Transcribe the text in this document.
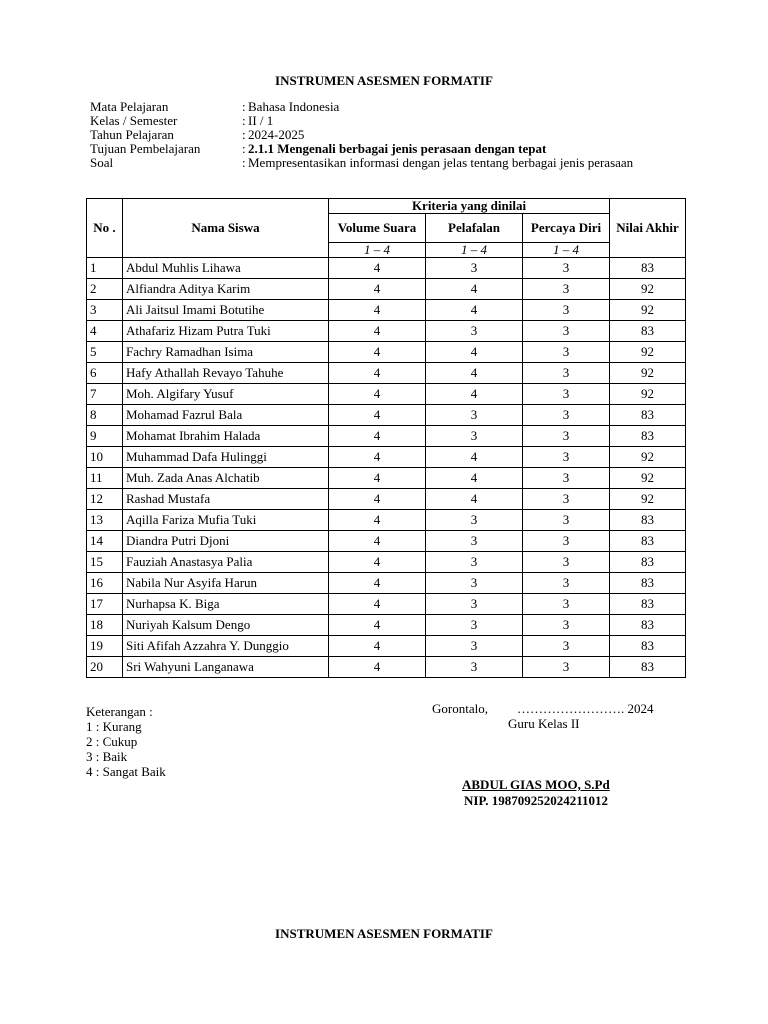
INSTRUMEN ASESMEN FORMATIF
Mata Pelajaran	: Bahasa Indonesia
Kelas / Semester	: II / 1
Tahun Pelajaran	: 2024-2025
Tujuan Pembelajaran	: 2.1.1 Mengenali berbagai jenis perasaan dengan tepat
Soal	: Mempresentasikan informasi dengan jelas tentang berbagai jenis perasaan
No .	Nama Siswa	Kriteria yang dinilai			Nilai Akhir
		Volume Suara	Pelafalan	Percaya Diri	
		1 – 4	1 – 4	1 – 4	
1	Abdul Muhlis Lihawa	4	3	3	83
2	Alfiandra Aditya Karim	4	4	3	92
3	Ali Jaitsul Imami Botutihe	4	4	3	92
4	Athafariz Hizam Putra Tuki	4	3	3	83
5	Fachry Ramadhan Isima	4	4	3	92
6	Hafy Athallah Revayo Tahuhe	4	4	3	92
7	Moh. Algifary Yusuf	4	4	3	92
8	Mohamad Fazrul Bala	4	3	3	83
9	Mohamat Ibrahim Halada	4	3	3	83
10	Muhammad Dafa Hulinggi	4	4	3	92
11	Muh. Zada Anas Alchatib	4	4	3	92
12	Rashad Mustafa	4	4	3	92
13	Aqilla Fariza Mufia Tuki	4	3	3	83
14	Diandra Putri Djoni	4	3	3	83
15	Fauziah Anastasya Palia	4	3	3	83
16	Nabila Nur Asyifa Harun	4	3	3	83
17	Nurhapsa K. Biga	4	3	3	83
18	Nuriyah Kalsum Dengo	4	3	3	83
19	Siti Afifah Azzahra Y. Dunggio	4	3	3	83
20	Sri Wahyuni Langanawa	4	3	3	83
Keterangan :
1 : Kurang
2 : Cukup
3 : Baik
4 : Sangat Baik
Gorontalo,	……………………. 2024
Guru Kelas II
ABDUL GIAS MOO, S.Pd
NIP. 198709252024211012
INSTRUMEN ASESMEN FORMATIF
